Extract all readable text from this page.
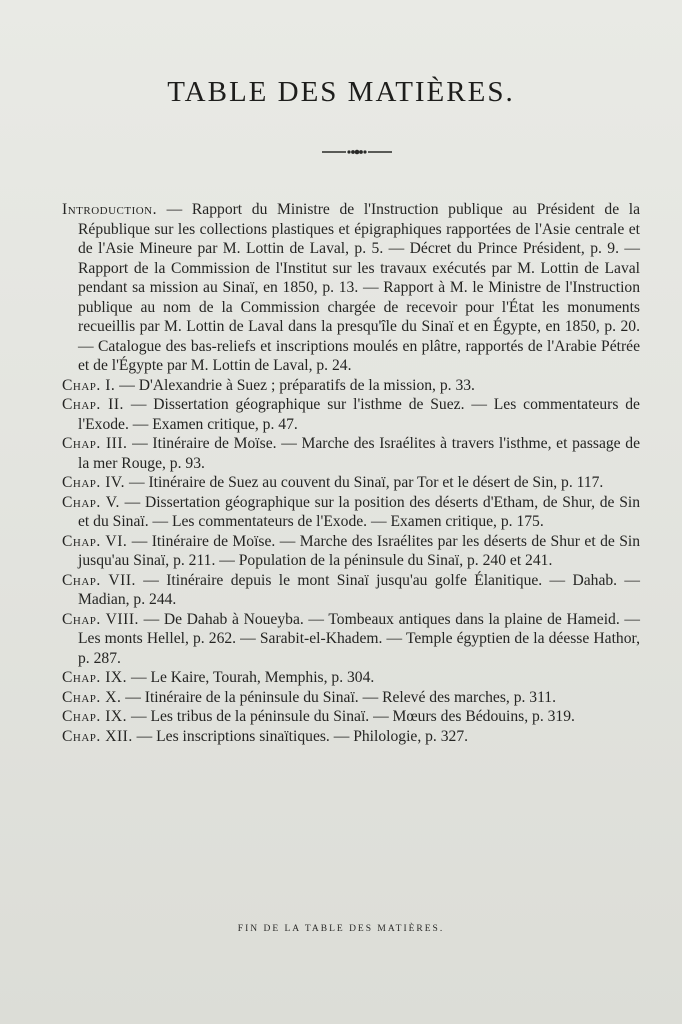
TABLE DES MATIÈRES.

Introduction. — Rapport du Ministre de l'Instruction publique au Président de la République sur les collections plastiques et épigraphiques rapportées de l'Asie centrale et de l'Asie Mineure par M. Lottin de Laval, p. 5. — Décret du Prince Président, p. 9. — Rapport de la Commission de l'Institut sur les travaux exécutés par M. Lottin de Laval pendant sa mission au Sinaï, en 1850, p. 13. — Rapport à M. le Ministre de l'Instruction publique au nom de la Commission chargée de recevoir pour l'État les monuments recueillis par M. Lottin de Laval dans la presqu'île du Sinaï et en Égypte, en 1850, p. 20. — Catalogue des bas-reliefs et inscriptions moulés en plâtre, rapportés de l'Arabie Pétrée et de l'Égypte par M. Lottin de Laval, p. 24.

Chap. I. — D'Alexandrie à Suez ; préparatifs de la mission, p. 33.

Chap. II. — Dissertation géographique sur l'isthme de Suez. — Les commentateurs de l'Exode. — Examen critique, p. 47.

Chap. III. — Itinéraire de Moïse. — Marche des Israélites à travers l'isthme, et passage de la mer Rouge, p. 93.

Chap. IV. — Itinéraire de Suez au couvent du Sinaï, par Tor et le désert de Sin, p. 117.

Chap. V. — Dissertation géographique sur la position des déserts d'Etham, de Shur, de Sin et du Sinaï. — Les commentateurs de l'Exode. — Examen critique, p. 175.

Chap. VI. — Itinéraire de Moïse. — Marche des Israélites par les déserts de Shur et de Sin jusqu'au Sinaï, p. 211. — Population de la péninsule du Sinaï, p. 240 et 241.

Chap. VII. — Itinéraire depuis le mont Sinaï jusqu'au golfe Élanitique. — Dahab. — Madian, p. 244.

Chap. VIII. — De Dahab à Noueyba. — Tombeaux antiques dans la plaine de Hameid. — Les monts Hellel, p. 262. — Sarabit-el-Khadem. — Temple égyptien de la déesse Hathor, p. 287.

Chap. IX. — Le Kaire, Tourah, Memphis, p. 304.

Chap. X. — Itinéraire de la péninsule du Sinaï. — Relevé des marches, p. 311.

Chap. IX. — Les tribus de la péninsule du Sinaï. — Mœurs des Bédouins, p. 319.

Chap. XII. — Les inscriptions sinaïtiques. — Philologie, p. 327.

FIN DE LA TABLE DES MATIÈRES.
